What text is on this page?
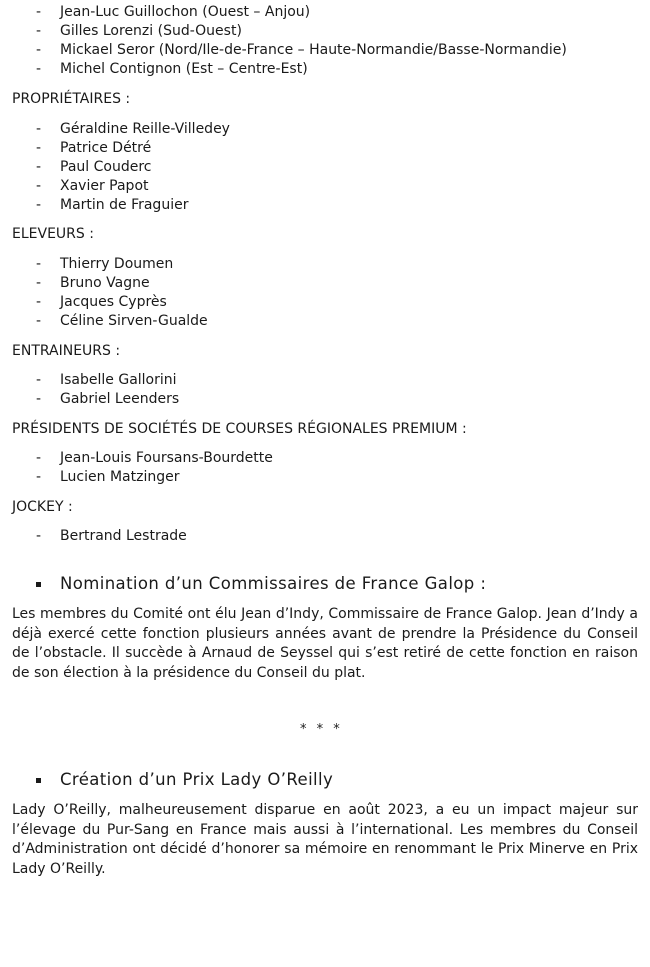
- Jean-Luc Guillochon (Ouest – Anjou)
- Gilles Lorenzi (Sud-Ouest)
- Mickael Seror (Nord/Ile-de-France – Haute-Normandie/Basse-Normandie)
- Michel Contignon (Est – Centre-Est)
PROPRIÉTAIRES :
- Géraldine Reille-Villedey
- Patrice Détré
- Paul Couderc
- Xavier Papot
- Martin de Fraguier
ELEVEURS :
- Thierry Doumen
- Bruno Vagne
- Jacques Cyprès
- Céline Sirven-Gualde
ENTRAINEURS :
- Isabelle Gallorini
- Gabriel Leenders
PRÉSIDENTS DE SOCIÉTÉS DE COURSES RÉGIONALES PREMIUM :
- Jean-Louis Foursans-Bourdette
- Lucien Matzinger
JOCKEY :
- Bertrand Lestrade
Nomination d’un Commissaires de France Galop :
Les membres du Comité ont élu Jean d’Indy, Commissaire de France Galop. Jean d’Indy a déjà exercé cette fonction plusieurs années avant de prendre la Présidence du Conseil de l’obstacle. Il succède à Arnaud de Seyssel qui s’est retiré de cette fonction en raison de son élection à la présidence du Conseil du plat.
* * *
Création d’un Prix Lady O’Reilly
Lady O’Reilly, malheureusement disparue en août 2023, a eu un impact majeur sur l’élevage du Pur-Sang en France mais aussi à l’international. Les membres du Conseil d’Administration ont décidé d’honorer sa mémoire en renommant le Prix Minerve en Prix Lady O’Reilly.
